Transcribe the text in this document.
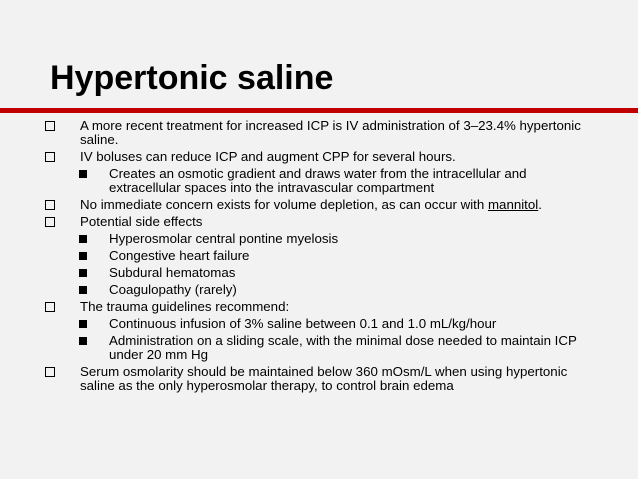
Hypertonic saline
A more recent treatment for increased ICP is IV administration of 3–23.4% hypertonic saline.
IV boluses can reduce ICP and augment CPP for several hours.
Creates an osmotic gradient and draws water from the intracellular and extracellular spaces into the intravascular compartment
No immediate concern exists for volume depletion, as can occur with mannitol.
Potential side effects
Hyperosmolar central pontine myelosis
Congestive heart failure
Subdural hematomas
Coagulopathy (rarely)
The trauma guidelines recommend:
Continuous infusion of 3% saline between 0.1 and 1.0 mL/kg/hour
Administration on a sliding scale, with the minimal dose needed to maintain ICP under 20 mm Hg
Serum osmolarity should be maintained below 360 mOsm/L when using hypertonic saline as the only hyperosmolar therapy, to control brain edema
